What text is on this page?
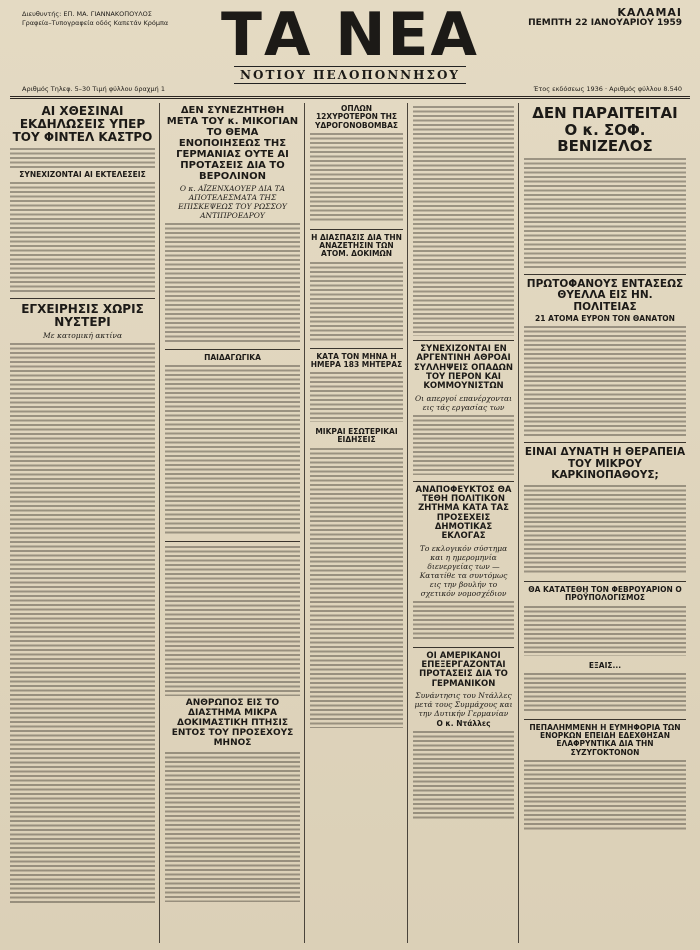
Διευθυντής: ΕΠ. ΜΑ. ΓΙΑΝΝΑΚΟΠΟΥΛΟΣ
Γραφεία–Τυπογραφεία οδός Καπετάν Κρόμπα ΤΑ ΝΕΑ
ΝΟΤΙΟΥ ΠΕΛΟΠΟΝΝΗΣΟΥ
ΚΑΛΑΜΑΙ
ΠΕΜΠΤΗ 22 ΙΑΝΟΥΑΡΙΟΥ 1959
Αριθμός Τηλεφ. 5–30 Τιμή φύλλου δραχμή 1	Έτος εκδόσεως 1936 · Αριθμός φύλλου 8.540
ΑΙ ΧΘΕΣΙΝΑΙ ΕΚΔΗΛΩΣΕΙΣ ΥΠΕΡ ΤΟΥ ΦΙΝΤΕΛ ΚΑΣΤΡΟ
ΣΥΝΕΧΙΖΟΝΤΑΙ ΑΙ ΕΚΤΕΛΕΣΕΙΣ
ΕΓΧΕΙΡΗΣΙΣ ΧΩΡΙΣ ΝΥΣΤΕΡΙ
Με κατομική ακτίνα
ΔΕΝ ΣΥΝΕΖΗΤΗΘΗ ΜΕΤΑ ΤΟΥ κ. ΜΙΚΟΓΙΑΝ ΤΟ ΘΕΜΑ ΕΝΟΠΟΙΗΣΕΩΣ ΤΗΣ ΓΕΡΜΑΝΙΑΣ ΟΥΤΕ ΑΙ ΠΡΟΤΑΣΕΙΣ ΔΙΑ ΤΟ ΒΕΡΟΛΙΝΟΝ
Ο κ. ΑΪΖΕΝΧΑΟΥΕΡ ΔΙΑ ΤΑ ΑΠΟΤΕΛΕΣΜΑΤΑ ΤΗΣ ΕΠΙΣΚΕΨΕΩΣ ΤΟΥ ΡΩΣΣΟΥ ΑΝΤΙΠΡΟΕΔΡΟΥ
ΠΑΙΔΑΓΩΓΙΚΑ
ΑΝΘΡΩΠΟΣ ΕΙΣ ΤΟ ΔΙΑΣΤΗΜΑ ΜΙΚΡΑ ΔΟΚΙΜΑΣΤΙΚΗ ΠΤΗΣΙΣ ΕΝΤΟΣ ΤΟΥ ΠΡΟΣΕΧΟΥΣ ΜΗΝΟΣ
ΟΠΛΩΝ 12ΧΥΡΟΤΕΡΟΝ ΤΗΣ ΥΔΡΟΓΟΝΟΒΟΜΒΑΣ
Η ΔΙΑΣΠΑΣΙΣ ΔΙΑ ΤΗΝ ΑΝΑΖΕΤΗΣΙΝ ΤΩΝ ΑΤΟΜ. ΔΟΚΙΜΩΝ
ΚΑΤΑ ΤΟΝ ΜΗΝΑ Η ΗΜΕΡΑ 183 ΜΗΤΕΡΑΣ
ΜΙΚΡΑΙ ΕΣΩΤΕΡΙΚΑΙ ΕΙΔΗΣΕΙΣ
ΣΥΝΕΧΙΖΟΝΤΑΙ ΕΝ ΑΡΓΕΝΤΙΝΗ ΑΘΡΟΑΙ ΣΥΛΛΗΨΕΙΣ ΟΠΑΔΩΝ ΤΟΥ ΠΕΡΟΝ ΚΑΙ ΚΟΜΜΟΥΝΙΣΤΩΝ
Οι απεργοί επανέρχονται εις τάς εργασίας των
ΑΝΑΠΟΦΕΥΚΤΟΣ ΘΑ ΤΕΘΗ ΠΟΛΙΤΙΚΟΝ ΖΗΤΗΜΑ ΚΑΤΑ ΤΑΣ ΠΡΟΣΕΧΕΙΣ ΔΗΜΟΤΙΚΑΣ ΕΚΛΟΓΑΣ
Το εκλογικόν σύστημα και η ημερομηνία διενεργείας των — Κατατίθε τα συντόμως εις την βουλήν το σχετικόν νομοσχέδιον
ΟΙ ΑΜΕΡΙΚΑΝΟΙ ΕΠΕΞΕΡΓΑΖΟΝΤΑΙ ΠΡΟΤΑΣΕΙΣ ΔΙΑ ΤΟ ΓΕΡΜΑΝΙΚΟΝ
Συνάντησις του Ντάλλες μετά τους Συμμάχους και την Δυτικήν Γερμανίαν
Ο κ. Ντάλλες
ΔΕΝ ΠΑΡΑΙΤΕΙΤΑΙ Ο κ. ΣΟΦ. ΒΕΝΙΖΕΛΟΣ
ΠΡΩΤΟΦΑΝΟΥΣ ΕΝΤΑΣΕΩΣ ΘΥΕΛΛΑ ΕΙΣ ΗΝ. ΠΟΛΙΤΕΙΑΣ
21 ΑΤΟΜΑ ΕΥΡΟΝ ΤΟΝ ΘΑΝΑΤΟΝ
ΕΙΝΑΙ ΔΥΝΑΤΗ Η ΘΕΡΑΠΕΙΑ ΤΟΥ ΜΙΚΡΟΥ ΚΑΡΚΙΝΟΠΑΘΟΥΣ;
ΘΑ ΚΑΤΑΤΕΘΗ ΤΟΝ ΦΕΒΡΟΥΑΡΙΟΝ Ο ΠΡΟΫΠΟΛΟΓΙΣΜΟΣ
ΕΞΑΙΣ...
ΠΕΠΑΛΗΜΜΕΝΗ Η ΕΥΜΗΦΟΡΙΑ ΤΩΝ ΕΝΟΡΚΩΝ ΕΠΕΙΔΗ ΕΔΕΧΘΗΣΑΝ ΕΛΑΦΡΥΝΤΙΚΑ ΔΙΑ ΤΗΝ ΣΥΖΥΓΟΚΤΟΝΟΝ
